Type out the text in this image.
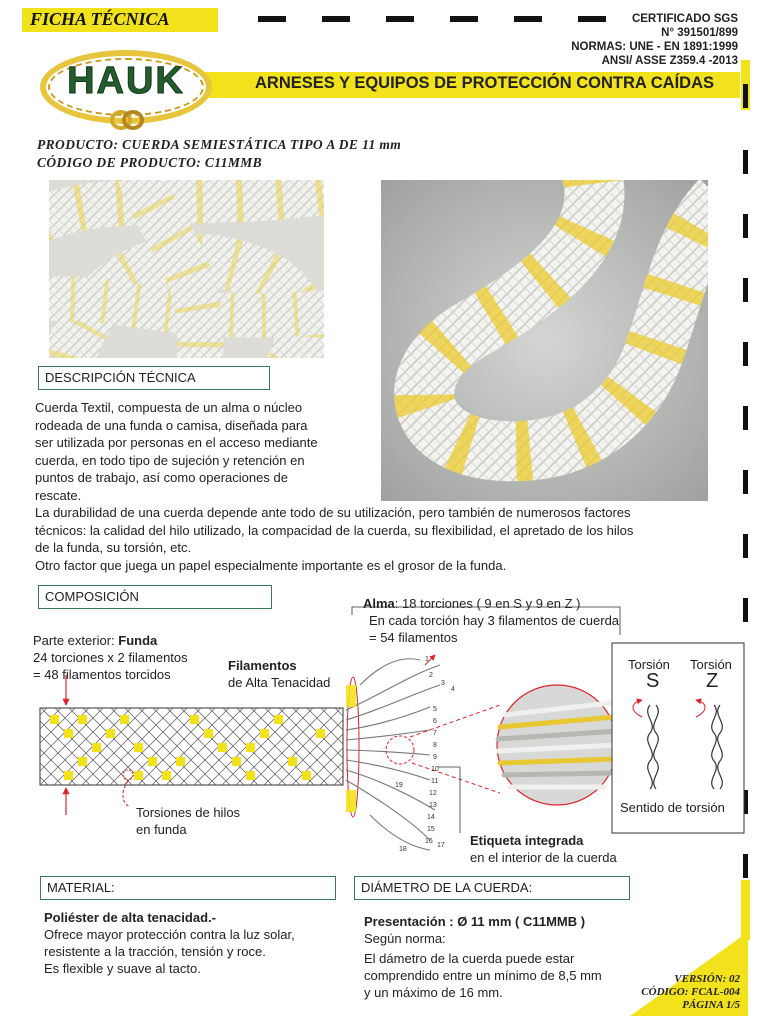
FICHA TÉCNICA	CERTIFICADO SGS
N° 391501/899
NORMAS: UNE - EN 1891:1999
ANSI/ ASSE Z359.4 -2013
ARNESES Y EQUIPOS DE PROTECCIÓN CONTRA CAÍDAS
HAUK
PRODUCTO: CUERDA SEMIESTÁTICA TIPO A DE 11 mm
CÓDIGO DE PRODUCTO: C11MMB
DESCRIPCIÓN TÉCNICA
Cuerda Textil, compuesta de un alma o núcleo
rodeada de una funda o camisa, diseñada para
ser utilizada por personas en el acceso mediante
cuerda, en todo tipo de sujeción y retención en
puntos de trabajo, así como operaciones de
rescate.
La durabilidad de una cuerda depende ante todo de su utilización, pero también de numerosos factores
técnicos: la calidad del hilo utilizado, la compacidad de la cuerda, su flexibilidad, el apretado de los hilos
de la funda, su torsión, etc.
Otro factor que juega un papel especialmente importante es el grosor de la funda.
COMPOSICIÓN
Parte exterior: Funda
24 torciones x 2 filamentos
= 48 filamentos torcidos
Filamentos
de Alta Tenacidad
Alma: 18 torciones ( 9 en S y 9 en Z )
En cada torción hay 3 filamentos de cuerda
= 54 filamentos
1
2
3
4
5
6
7
8
9
10
11
12
13
14
15
16
17
18
19
Torsiones de hilos
en funda
Etiqueta integrada
en el interior de la cuerda
Torsión Torsión
S Z
Sentido de torsión
MATERIAL:
Poliéster de alta tenacidad.-
Ofrece mayor protección contra la luz solar,
resistente a la tracción, tensión y roce.
Es flexible y suave al tacto.
DIÁMETRO DE LA CUERDA:
Presentación : Ø 11 mm ( C11MMB )
Según norma:
El dámetro de la cuerda puede estar
comprendido entre un mínimo de 8,5 mm
y un máximo de 16 mm.
VERSIÓN: 02
CÓDIGO: FCAL-004
PÁGINA 1/5
